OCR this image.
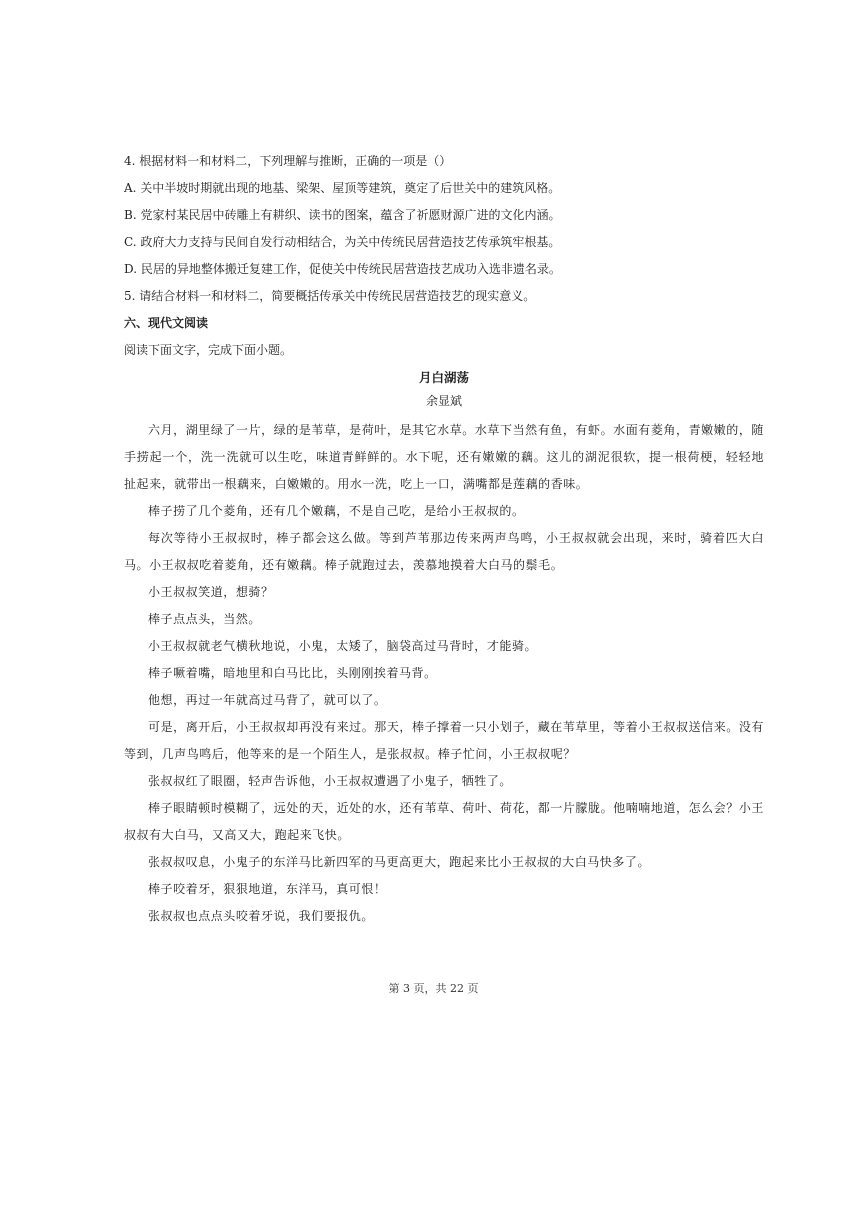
4. 根据材料一和材料二，下列理解与推断，正确的一项是（）
A. 关中半坡时期就出现的地基、梁架、屋顶等建筑，奠定了后世关中的建筑风格。
B. 党家村某民居中砖雕上有耕织、读书的图案，蕴含了祈愿财源广进的文化内涵。
C. 政府大力支持与民间自发行动相结合，为关中传统民居营造技艺传承筑牢根基。
D. 民居的异地整体搬迁复建工作，促使关中传统民居营造技艺成功入选非遗名录。
5. 请结合材料一和材料二，简要概括传承关中传统民居营造技艺的现实意义。
六、现代文阅读
阅读下面文字，完成下面小题。
月白湖荡
余显斌

六月，湖里绿了一片，绿的是苇草，是荷叶，是其它水草。水草下当然有鱼，有虾。水面有菱角，青嫩嫩的，随手捞起一个，洗一洗就可以生吃，味道青鲜鲜的。水下呢，还有嫩嫩的藕。这儿的湖泥很软，提一根荷梗，轻轻地扯起来，就带出一根藕来，白嫩嫩的。用水一洗，吃上一口，满嘴都是莲藕的香味。

棒子捞了几个菱角，还有几个嫩藕，不是自己吃，是给小王叔叔的。

每次等待小王叔叔时，棒子都会这么做。等到芦苇那边传来两声鸟鸣，小王叔叔就会出现，来时，骑着匹大白马。小王叔叔吃着菱角，还有嫩藕。棒子就跑过去，羡慕地摸着大白马的鬃毛。

小王叔叔笑道，想骑？

棒子点点头，当然。

小王叔叔就老气横秋地说，小鬼，太矮了，脑袋高过马背时，才能骑。

棒子噘着嘴，暗地里和白马比比，头刚刚挨着马背。

他想，再过一年就高过马背了，就可以了。

可是，离开后，小王叔叔却再没有来过。那天，棒子撑着一只小划子，藏在苇草里，等着小王叔叔送信来。没有等到，几声鸟鸣后，他等来的是一个陌生人，是张叔叔。棒子忙问，小王叔叔呢？

张叔叔红了眼圈，轻声告诉他，小王叔叔遭遇了小鬼子，牺牲了。

棒子眼睛顿时模糊了，远处的天，近处的水，还有苇草、荷叶、荷花，都一片朦胧。他喃喃地道，怎么会？小王叔叔有大白马，又高又大，跑起来飞快。

张叔叔叹息，小鬼子的东洋马比新四军的马更高更大，跑起来比小王叔叔的大白马快多了。

棒子咬着牙，狠狠地道，东洋马，真可恨！

张叔叔也点点头咬着牙说，我们要报仇。

第 3 页，共 22 页
